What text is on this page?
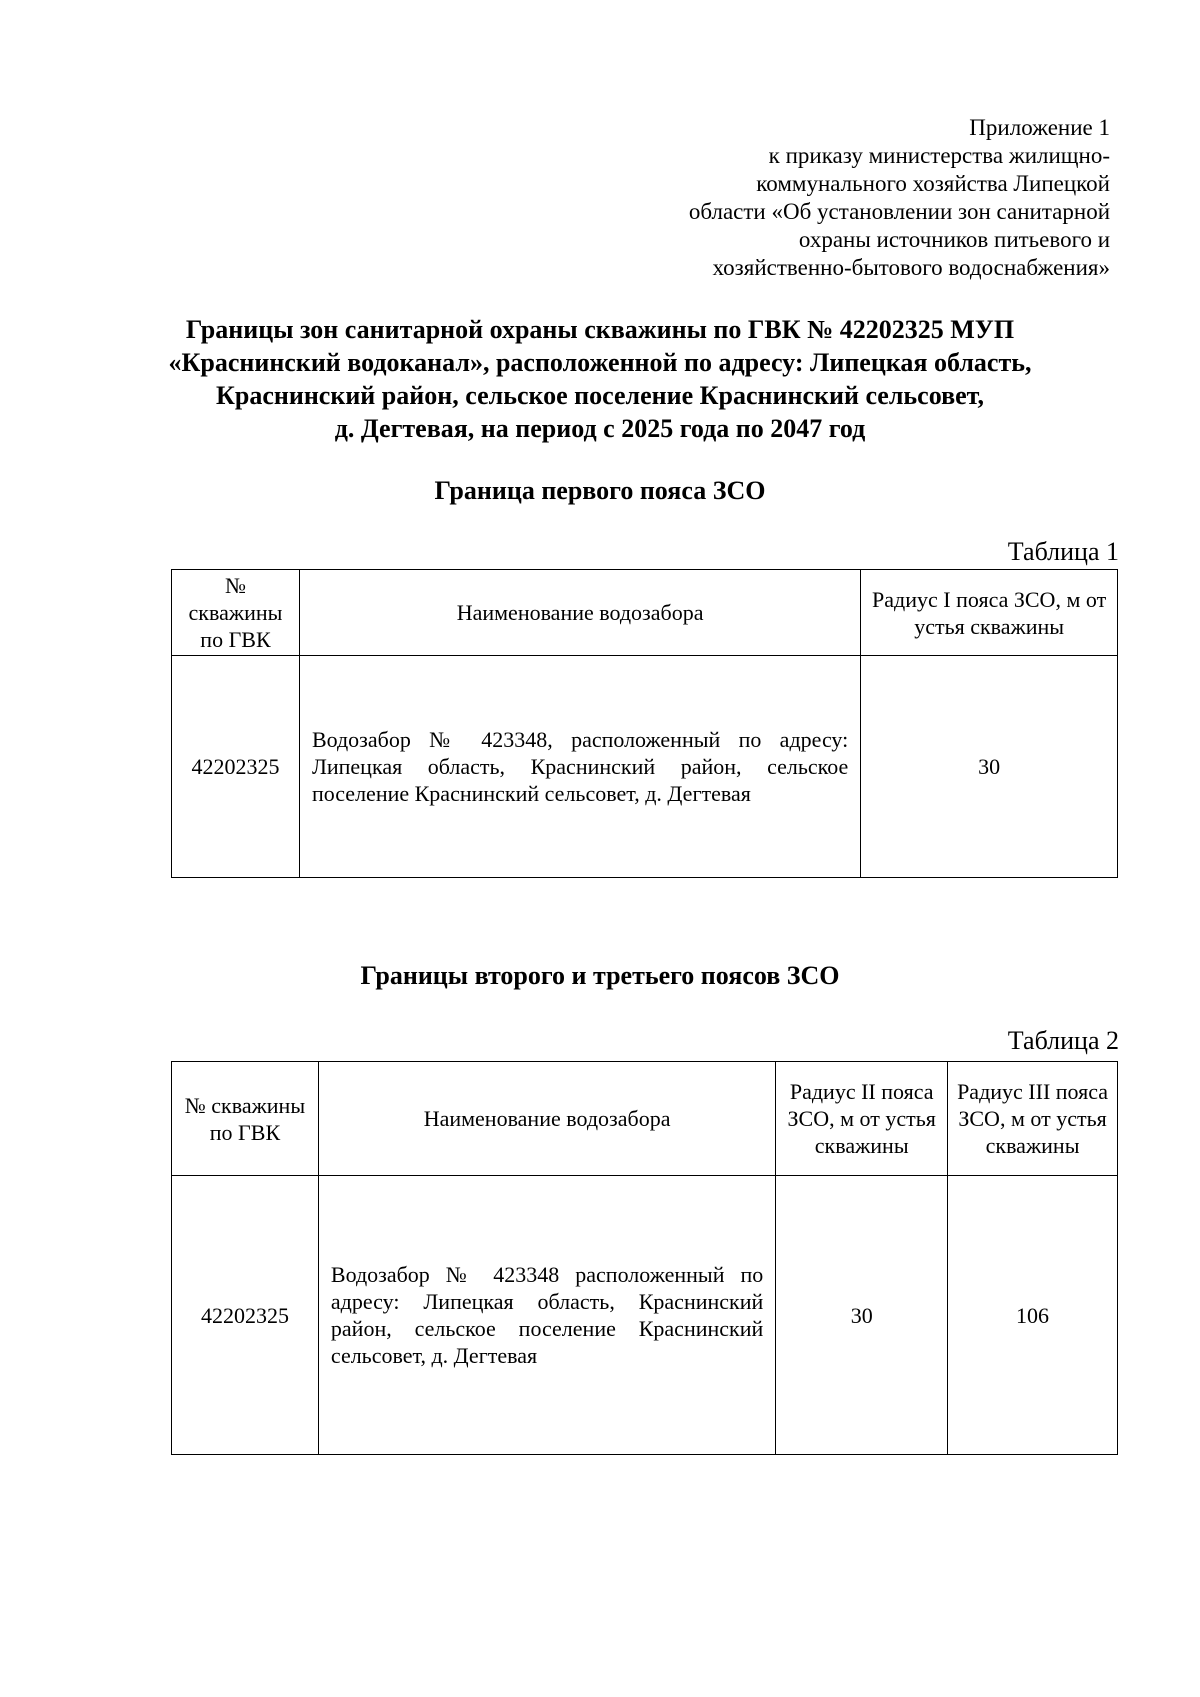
Приложение 1
к приказу министерства жилищно-
коммунального хозяйства Липецкой
области «Об установлении зон санитарной
охраны источников питьевого и
хозяйственно-бытового водоснабжения»
Границы зон санитарной охраны скважины по ГВК № 42202325 МУП
«Краснинский водоканал», расположенной по адресу: Липецкая область,
Краснинский район, сельское поселение Краснинский сельсовет,
д. Дегтевая, на период с 2025 года по 2047 год
Граница первого пояса ЗСО
Таблица 1
№ скважины по ГВК	Наименование водозабора	Радиус I пояса ЗСО, м от устья скважины
42202325	Водозабор № 423348, расположенный по адресу: Липецкая область, Краснинский район, сельское поселение Краснинский сельсовет, д. Дегтевая	30
Границы второго и третьего поясов ЗСО
Таблица 2
№ скважины по ГВК	Наименование водозабора	Радиус II пояса ЗСО, м от устья скважины	Радиус III пояса ЗСО, м от устья скважины
42202325	Водозабор № 423348 расположенный по адресу: Липецкая область, Краснинский район, сельское поселение Краснинский сельсовет, д. Дегтевая	30	106
